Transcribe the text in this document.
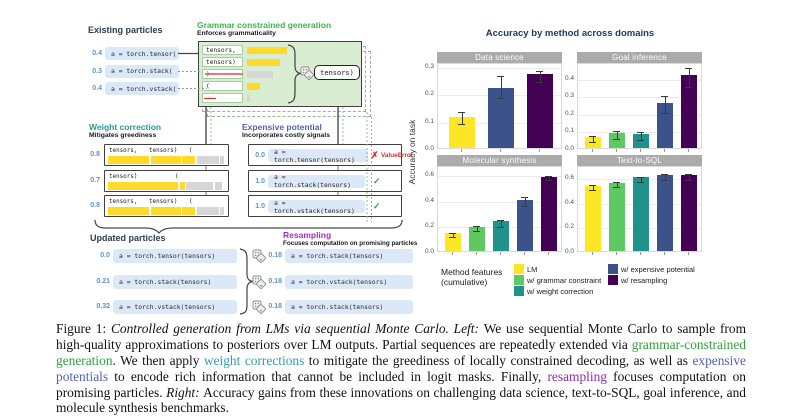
Existing particles	Grammar constrained generation
Enforces grammaticality
tensors,
tensors)
)
(
→
tensors)
Weight correction
Mitigates greediness
Expensive potential
Incorporates costly signals
Updated particles	Resampling
Focuses computation on promising particles
0.4	a = torch.tensor(
0.3	a = torch.stack(
0.4	a = torch.vstack(
0.8 tensors, tensors) (
0.7 tensors)	(
0.8 tensors, tensors) (
0.0	a = torch.tensor(tensors)	✗ ValueError
1.0	a = torch.stack(tensors)	✓
1.0	a = torch.vstack(tensors)	✓
0.0	a = torch.tensor(tensors)
0.21	a = torch.stack(tensors)
0.32	a = torch.vstack(tensors)
0.18	a = torch.stack(tensors)
0.18	a = torch.vstack(tensors)
0.18	a = torch.stack(tensors)
Accuracy by method across domains
Accuracy on task
Data science
0.0
0.1
0.2
0.3
Goal inference
0.0
0.1
0.2
0.3
0.4
Molecular synthesis
0.0
0.2
0.4
0.6
Text-to-SQL
0.0
0.2
0.4
0.6
Method features
(cumulative)
LM
w/ grammar constraint
w/ weight correction
w/ expensive potential
w/ resampling
Figure 1: Controlled generation from LMs via sequential Monte Carlo. Left: We use sequential Monte Carlo to sample from high-quality approximations to posteriors over LM outputs. Partial sequences are repeatedly extended via grammar-constrained generation. We then apply weight corrections to mitigate the greediness of locally constrained decoding, as well as expensive potentials to encode rich information that cannot be included in logit masks. Finally, resampling focuses computation on promising particles. Right: Accuracy gains from these innovations on challenging data science, text-to-SQL, goal inference, and molecule synthesis benchmarks.
